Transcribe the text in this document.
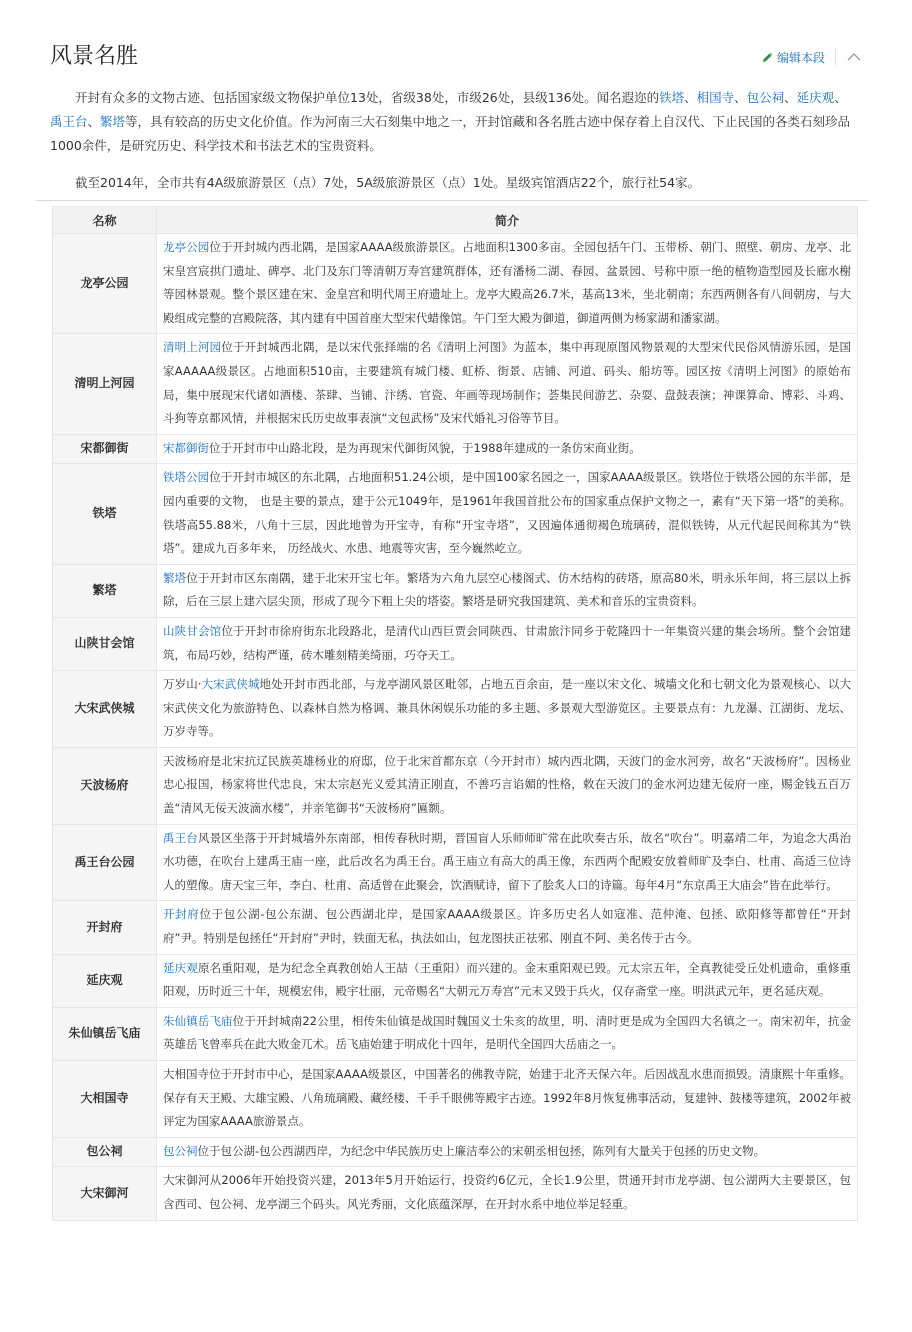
风景名胜	编辑本段

开封有众多的文物古迹、包括国家级文物保护单位13处，省级38处，市级26处，县级136处。闻名遐迩的铁塔、相国寺、包公祠、延庆观、禹王台、繁塔等，具有较高的历史文化价值。作为河南三大石刻集中地之一，开封馆藏和各名胜古迹中保存着上自汉代、下止民国的各类石刻珍品1000余件，是研究历史、科学技术和书法艺术的宝贵资料。

截至2014年，全市共有4A级旅游景区（点）7处，5A级旅游景区（点）1处。星级宾馆酒店22个，旅行社54家。

名称	简介
龙亭公园	龙亭公园位于开封城内西北隅，是国家AAAA级旅游景区。占地面积1300多亩。全园包括午门、玉带桥、朝门、照壁、朝房、龙亭、北宋皇宫宸拱门遗址、碑亭、北门及东门等清朝万寿宫建筑群体，还有潘杨二湖、春园、盆景园、号称中原一绝的植物造型园及长廊水榭等园林景观。整个景区建在宋、金皇宫和明代周王府遗址上。龙亭大殿高26.7米，基高13米，坐北朝南；东西两侧各有八间朝房，与大殿组成完整的宫殿院落，其内建有中国首座大型宋代蜡像馆。午门至大殿为御道，御道两侧为杨家湖和潘家湖。
清明上河园	清明上河园位于开封城西北隅，是以宋代张择端的名《清明上河图》为蓝本，集中再现原图风物景观的大型宋代民俗风情游乐园，是国家AAAAA级景区。占地面积510亩，主要建筑有城门楼、虹桥、街景、店铺、河道、码头、船坊等。园区按《清明上河图》的原始布局，集中展现宋代诸如酒楼、茶肆、当铺、汴绣、官瓷、年画等现场制作；荟集民间游艺、杂耍、盘鼓表演；神课算命、博彩、斗鸡、斗狗等京都风情，并根据宋氏历史故事表演“文包武杨”及宋代婚礼习俗等节目。
宋都御街	宋都御街位于开封市中山路北段，是为再现宋代御街风貌，于1988年建成的一条仿宋商业街。
铁塔	铁塔公园位于开封市城区的东北隅，占地面积51.24公顷，是中国100家名园之一，国家AAAA级景区。铁塔位于铁塔公园的东半部，是园内重要的文物， 也是主要的景点，建于公元1049年，是1961年我国首批公布的国家重点保护文物之一，素有“天下第一塔”的美称。铁塔高55.88米，八角十三层，因此地曾为开宝寺，有称“开宝寺塔”，又因遍体通彻褐色琉璃砖，混似铁铸，从元代起民间称其为“铁塔”。建成九百多年来， 历经战火、水患、地震等灾害，至今巍然屹立。
繁塔	繁塔位于开封市区东南隅，建于北宋开宝七年。繁塔为六角九层空心楼阁式、仿木结构的砖塔，原高80米，明永乐年间，将三层以上拆除，后在三层上建六层尖顶，形成了现今下粗上尖的塔姿。繁塔是研究我国建筑、美术和音乐的宝贵资料。
山陕甘会馆	山陕甘会馆位于开封市徐府街东北段路北，是清代山西巨贾会同陕西、甘肃旅汴同乡于乾隆四十一年集资兴建的集会场所。整个会馆建筑，布局巧妙，结构严谨，砖木雕刻精美绮丽，巧夺天工。
大宋武侠城	万岁山·大宋武侠城地处开封市西北部，与龙亭湖风景区毗邻，占地五百余亩，是一座以宋文化、城墙文化和七朝文化为景观核心、以大宋武侠文化为旅游特色、以森林自然为格调、兼具休闲娱乐功能的多主题、多景观大型游览区。主要景点有：九龙瀑、江湖街、龙坛、万岁寺等。
天波杨府	天波杨府是北宋抗辽民族英雄杨业的府邸，位于北宋首都东京（今开封市）城内西北隅，天波门的金水河旁，故名“天波杨府”。因杨业忠心报国，杨家将世代忠良，宋太宗赵光义爱其清正刚直，不善巧言谄媚的性格，敕在天波门的金水河边建无佞府一座，赐金钱五百万盖“清风无佞天波滴水楼”，并亲笔御书“天波杨府”匾额。
禹王台公园	禹王台风景区坐落于开封城墙外东南部，相传春秋时期，晋国盲人乐师师旷常在此吹奏古乐，故名“吹台”。明嘉靖二年，为追念大禹治水功德，在吹台上建禹王庙一座，此后改名为禹王台。禹王庙立有高大的禹王像，东西两个配殿安放着师旷及李白、杜甫、高适三位诗人的塑像。唐天宝三年，李白、杜甫、高适曾在此聚会，饮酒赋诗，留下了脍炙人口的诗篇。每年4月“东京禹王大庙会”皆在此举行。
开封府	开封府位于包公湖-包公东湖、包公西湖北岸，是国家AAAA级景区。许多历史名人如寇准、范仲淹、包拯、欧阳修等都曾任“开封府”尹。特别是包拯任“开封府”尹时，铁面无私，执法如山，包龙图扶正祛邪、刚直不阿、美名传于古今。
延庆观	延庆观原名重阳观，是为纪念全真教创始人王喆（王重阳）而兴建的。金末重阳观已毁。元太宗五年，全真教徒受丘处机遗命，重修重阳观，历时近三十年，规模宏伟，殿宇壮丽，元帝赐名“大朝元万寿宫”元末又毁于兵火，仅存斋堂一座。明洪武元年，更名延庆观。
朱仙镇岳飞庙	朱仙镇岳飞庙位于开封城南22公里，相传朱仙镇是战国时魏国义士朱亥的故里，明、清时更是成为全国四大名镇之一。南宋初年，抗金英雄岳飞曾率兵在此大败金兀术。岳飞庙始建于明成化十四年，是明代全国四大岳庙之一。
大相国寺	大相国寺位于开封市中心，是国家AAAA级景区，中国著名的佛教寺院，始建于北齐天保六年。后因战乱水患而损毁。清康熙十年重修。保存有天王殿、大雄宝殿、八角琉璃殿、藏经楼、千手千眼佛等殿宇古迹。1992年8月恢复佛事活动，复建钟、鼓楼等建筑，2002年被评定为国家AAAA旅游景点。
包公祠	包公祠位于包公湖-包公西湖西岸，为纪念中华民族历史上廉洁奉公的宋朝丞相包拯，陈列有大量关于包拯的历史文物。
大宋御河	大宋御河从2006年开始投资兴建，2013年5月开始运行，投资约6亿元，全长1.9公里，贯通开封市龙亭湖、包公湖两大主要景区，包含西司、包公祠、龙亭湖三个码头。风光秀丽，文化底蕴深厚，在开封水系中地位举足轻重。
